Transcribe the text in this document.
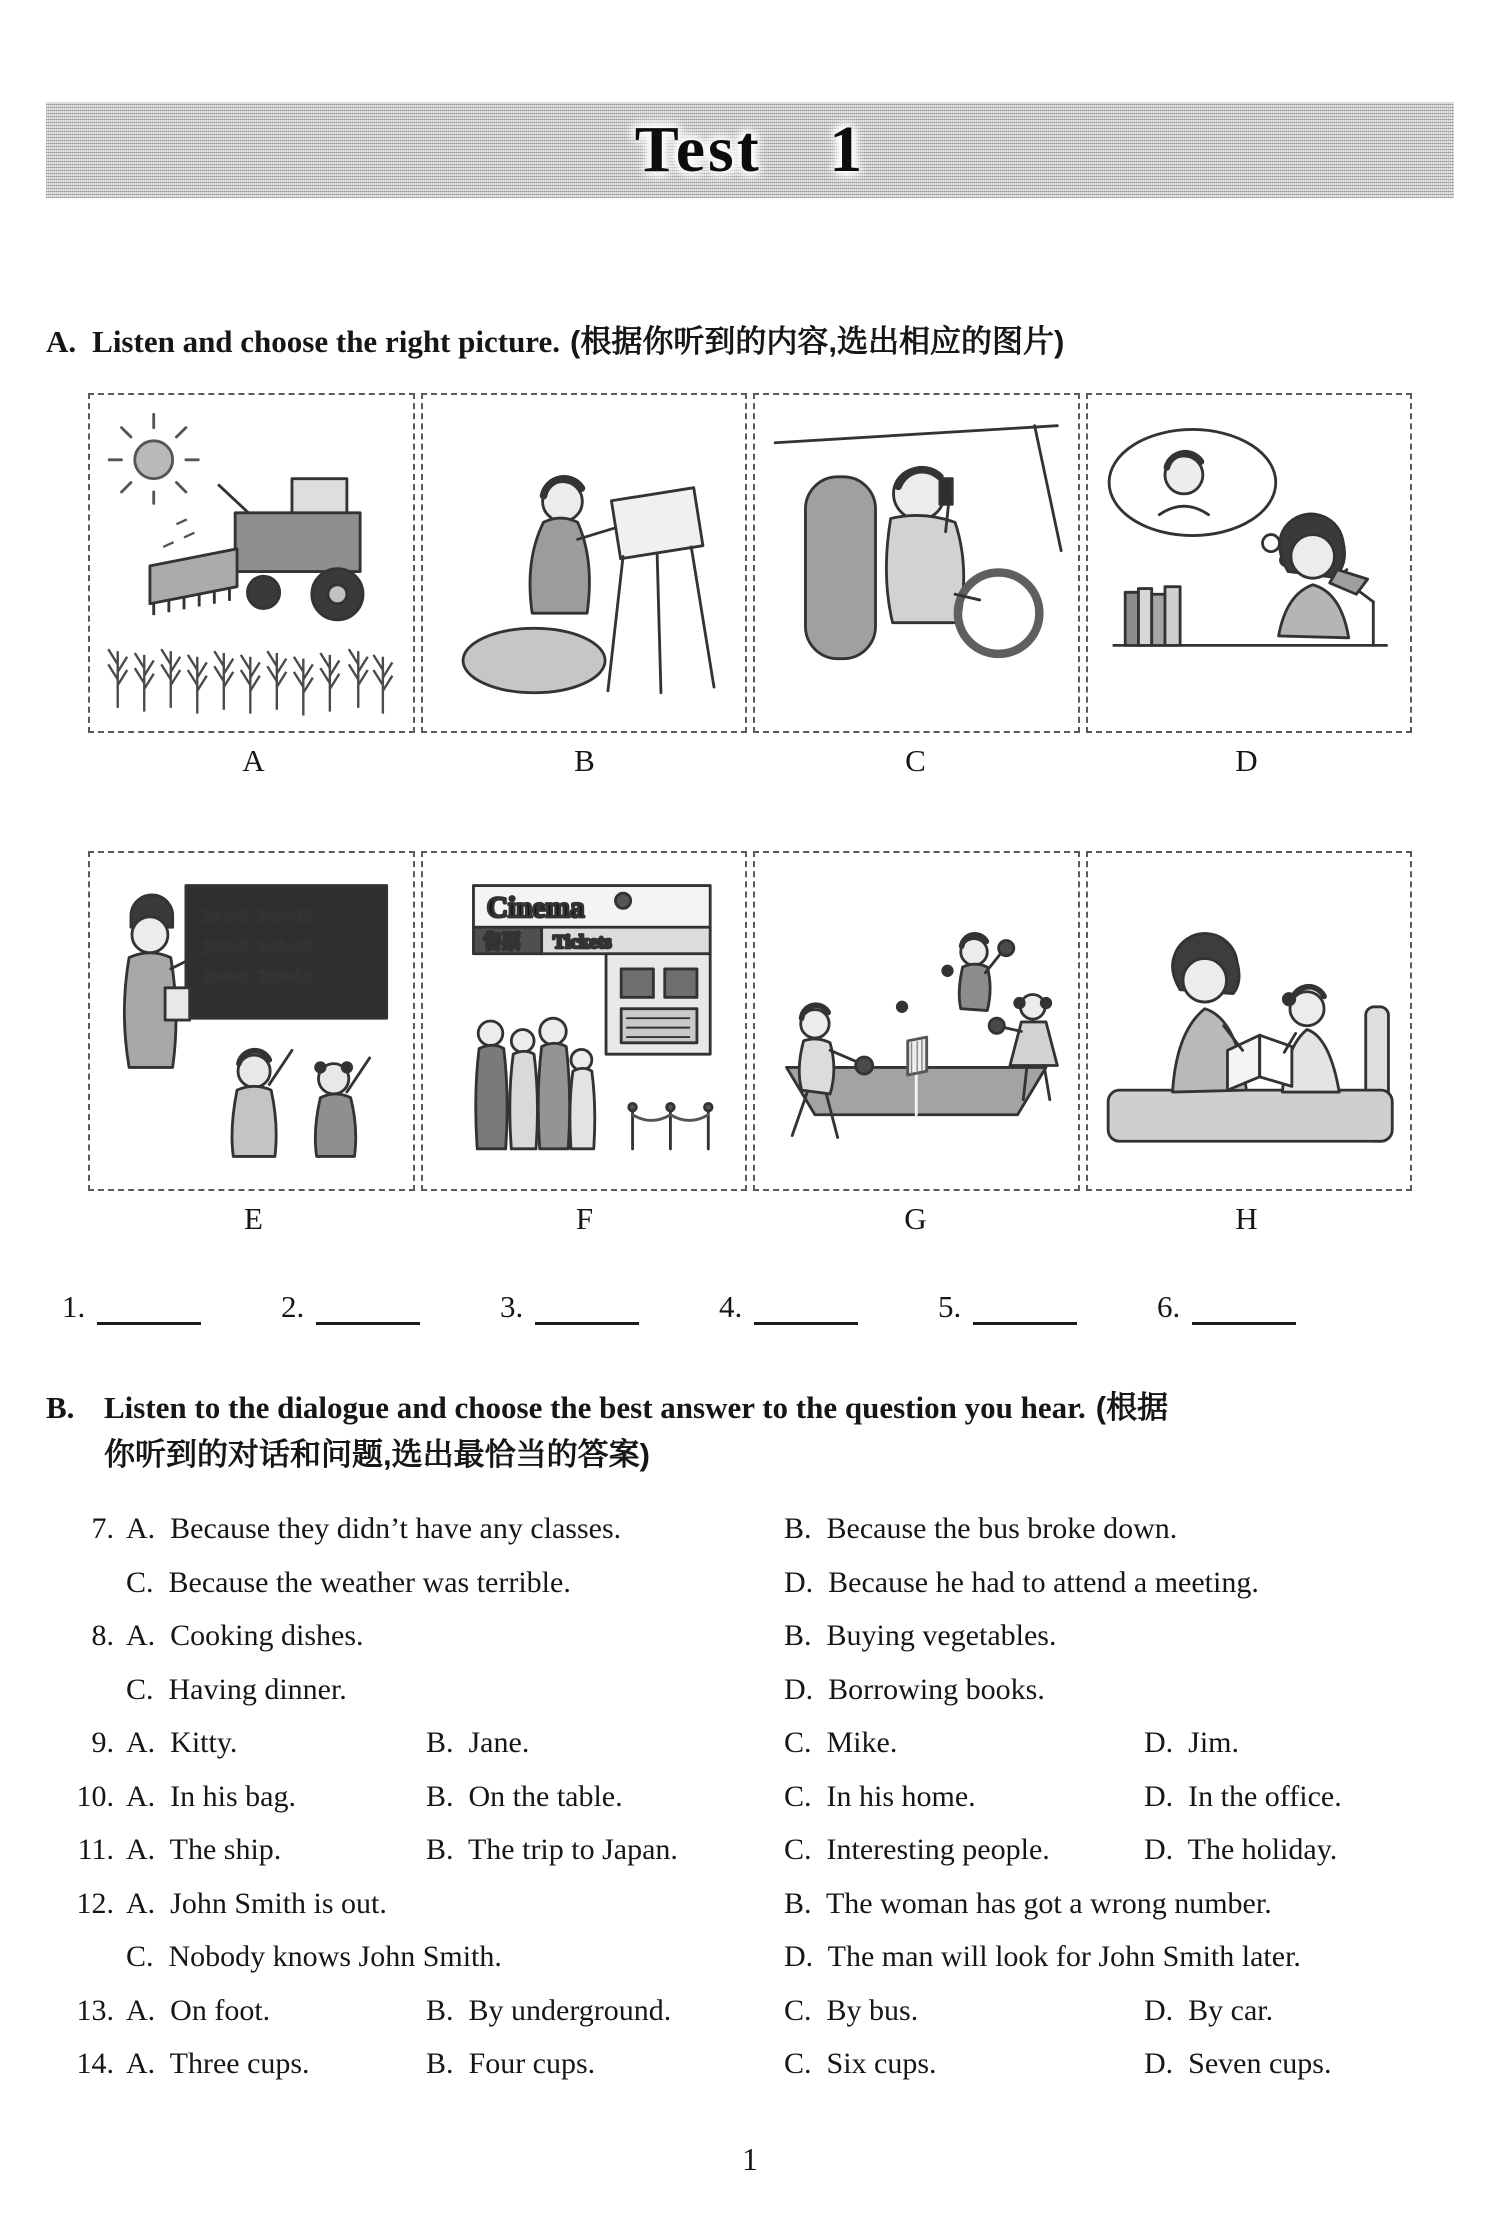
Test 1
A. Listen and choose the right picture. (根据你听到的内容,选出相应的图片)
A	B	C	D
2×1=2 2×6=12
2×3=6 2×8=16
2×4=8 2×9=18
Cinema
售票 Tickets
E	F	G	H
1.	2.	3.	4.	5.	6.
B. Listen to the dialogue and choose the best answer to the question you hear. (根据
你听到的对话和问题,选出最恰当的答案)
7. A.  Because they didn’t have any classes.	B.  Because the bus broke down.
C.  Because the weather was terrible.	D.  Because he had to attend a meeting.
8. A.  Cooking dishes.	B.  Buying vegetables.
C.  Having dinner.	D.  Borrowing books.
9. A.  Kitty.	B.  Jane.	C.  Mike.	D.  Jim.
10. A.  In his bag.	B.  On the table.	C.  In his home.	D.  In the office.
11. A.  The ship.	B.  The trip to Japan.	C.  Interesting people.	D.  The holiday.
12. A.  John Smith is out.	B.  The woman has got a wrong number.
C.  Nobody knows John Smith.	D.  The man will look for John Smith later.
13. A.  On foot.	B.  By underground.	C.  By bus.	D.  By car.
14. A.  Three cups.	B.  Four cups.	C.  Six cups.	D.  Seven cups.
1
